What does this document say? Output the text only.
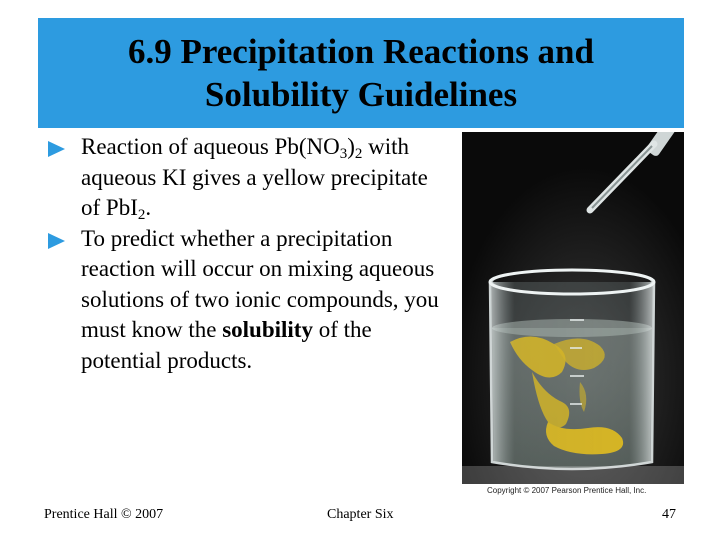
6.9 Precipitation Reactions and
Solubility Guidelines
Reaction of aqueous $Pb(NO_3)_2$ with aqueous KI gives a yellow precipitate of PbI$_2$.
To predict whether a precipitation reaction will occur on mixing aqueous solutions of two ionic compounds, you must know the solubility of the potential products.
Copyright © 2007 Pearson Prentice Hall, Inc.
Prentice Hall © 2007	Chapter Six	47
